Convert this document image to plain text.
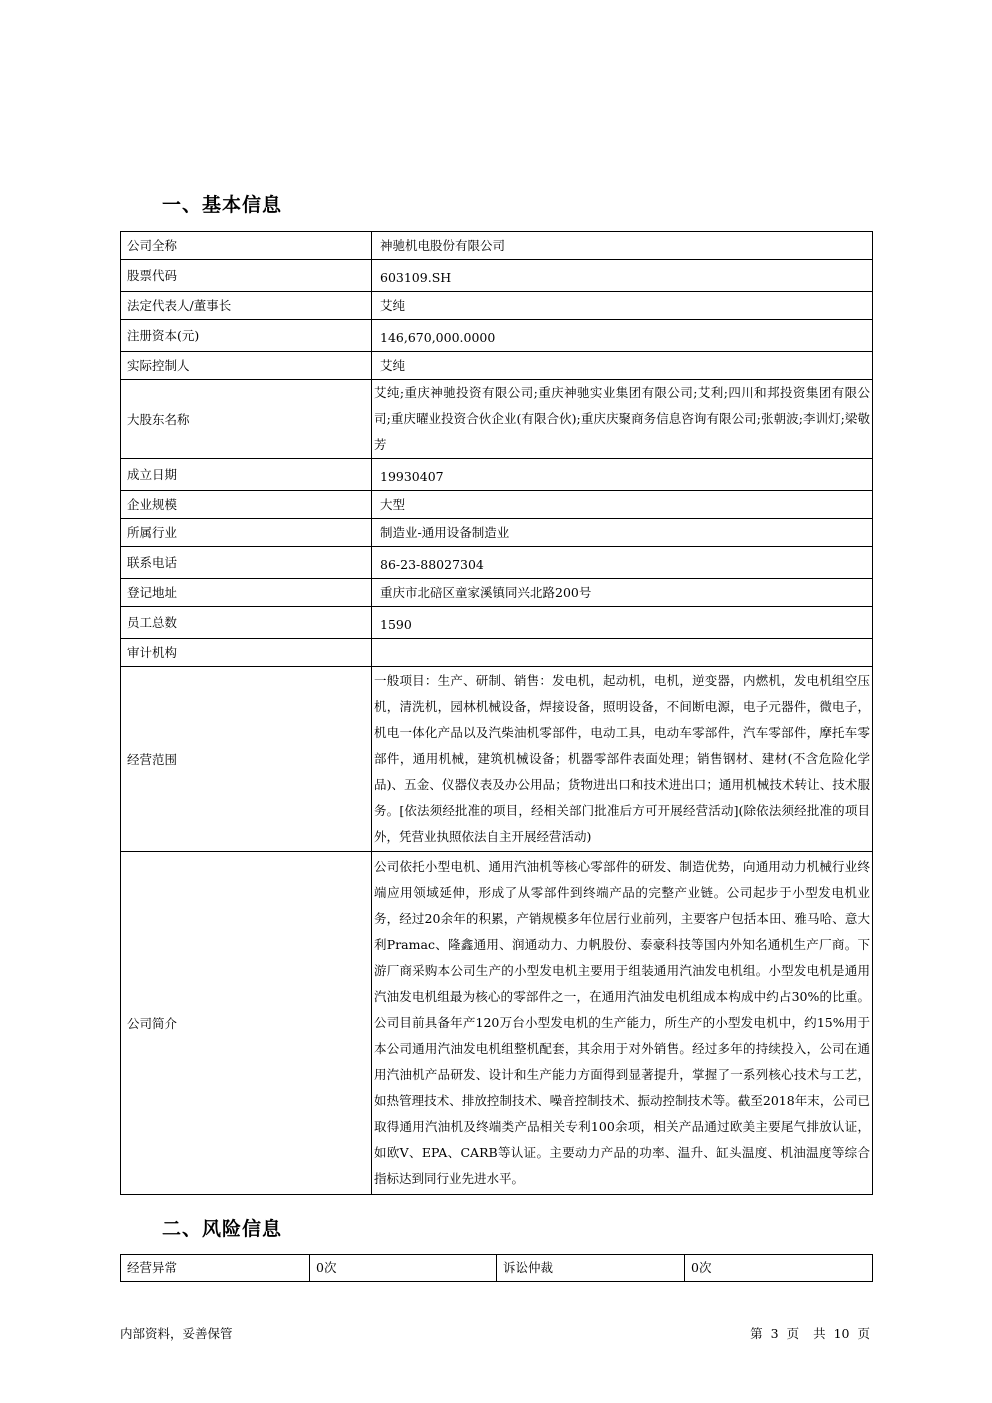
一、基本信息
公司全称	神驰机电股份有限公司
股票代码	603109.SH
法定代表人/董事长	艾纯
注册资本(元)	146,670,000.0000
实际控制人	艾纯
大股东名称	艾纯;重庆神驰投资有限公司;重庆神驰实业集团有限公司;艾利;四川和邦投资集团有限公司;重庆曜业投资合伙企业(有限合伙);重庆庆聚商务信息咨询有限公司;张朝波;李训灯;梁敬芳
成立日期	19930407
企业规模	大型
所属行业	制造业-通用设备制造业
联系电话	86-23-88027304
登记地址	重庆市北碚区童家溪镇同兴北路200号
员工总数	1590
审计机构	
经营范围	一般项目：生产、研制、销售：发电机，起动机，电机，逆变器，内燃机，发电机组空压机，清洗机，园林机械设备，焊接设备，照明设备，不间断电源，电子元器件，微电子，机电一体化产品以及汽柴油机零部件，电动工具，电动车零部件，汽车零部件，摩托车零部件，通用机械，建筑机械设备；机器零部件表面处理；销售钢材、建材(不含危险化学品)、五金、仪器仪表及办公用品；货物进出口和技术进出口；通用机械技术转让、技术服务。[依法须经批准的项目，经相关部门批准后方可开展经营活动](除依法须经批准的项目外，凭营业执照依法自主开展经营活动)
公司简介	公司依托小型电机、通用汽油机等核心零部件的研发、制造优势，向通用动力机械行业终端应用领域延伸，形成了从零部件到终端产品的完整产业链。公司起步于小型发电机业务，经过20余年的积累，产销规模多年位居行业前列，主要客户包括本田、雅马哈、意大利Pramac、隆鑫通用、润通动力、力帆股份、泰豪科技等国内外知名通机生产厂商。下游厂商采购本公司生产的小型发电机主要用于组装通用汽油发电机组。小型发电机是通用汽油发电机组最为核心的零部件之一，在通用汽油发电机组成本构成中约占30%的比重。公司目前具备年产120万台小型发电机的生产能力，所生产的小型发电机中，约15%用于本公司通用汽油发电机组整机配套，其余用于对外销售。经过多年的持续投入，公司在通用汽油机产品研发、设计和生产能力方面得到显著提升，掌握了一系列核心技术与工艺，如热管理技术、排放控制技术、噪音控制技术、振动控制技术等。截至2018年末，公司已取得通用汽油机及终端类产品相关专利100余项，相关产品通过欧美主要尾气排放认证，如欧V、EPA、CARB等认证。主要动力产品的功率、温升、缸头温度、机油温度等综合指标达到同行业先进水平。
二、风险信息
经营异常	0次	诉讼仲裁	0次
内部资料，妥善保管	第 3 页 共 10 页
